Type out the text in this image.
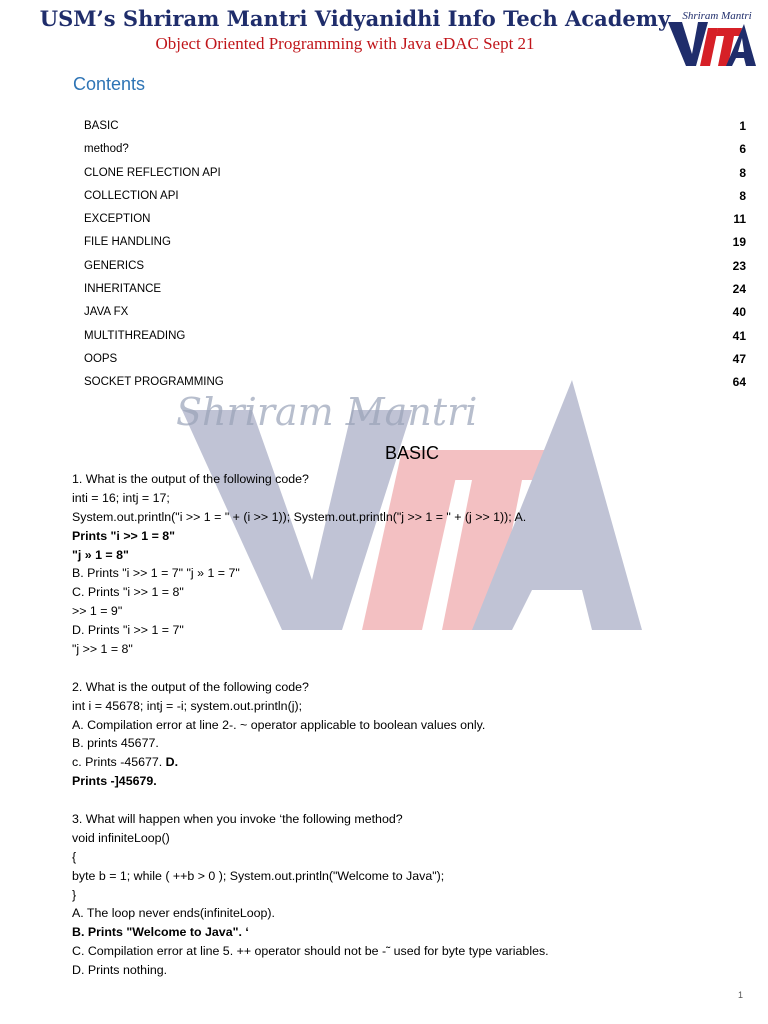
USM’s Shriram Mantri Vidyanidhi Info Tech Academy
Object Oriented Programming with Java eDAC Sept 21
Shriram Mantri
Shriram Mantri
Contents
BASIC	1
method?	6
CLONE REFLECTION API	8
COLLECTION API	8
EXCEPTION	11
FILE HANDLING	19
GENERICS	23
INHERITANCE	24
JAVA FX	40
MULTITHREADING	41
OOPS	47
SOCKET PROGRAMMING	64
BASIC
1. What is the output of the following code?
inti = 16; intj = 17;
System.out.println("i >> 1 = " + (i >> 1)); System.out.println("j >> 1 = " + (j >> 1)); A.
Prints "i >> 1 = 8"
"j » 1 = 8"
B. Prints "i >> 1 = 7" "j » 1 = 7"
C. Prints "i >> 1 = 8"
>> 1 = 9"
D. Prints "i >> 1 = 7"
"j >> 1 = 8"
2. What is the output of the following code?
int i = 45678; intj = -i; system.out.println(j);
A. Compilation error at line 2-. ~ operator applicable to boolean values only.
B. prints 45677.
c. Prints -45677. D.
Prints -]45679.
3. What will happen when you invoke ‘the following method?
void infiniteLoop()
{
byte b = 1; while ( ++b > 0 ); System.out.println("Welcome to Java");
}
A. The loop never ends(infiniteLoop).
B. Prints "Welcome to Java". ‘
C. Compilation error at line 5. ++ operator should not be -˜ used for byte type variables.
D. Prints nothing.
1
